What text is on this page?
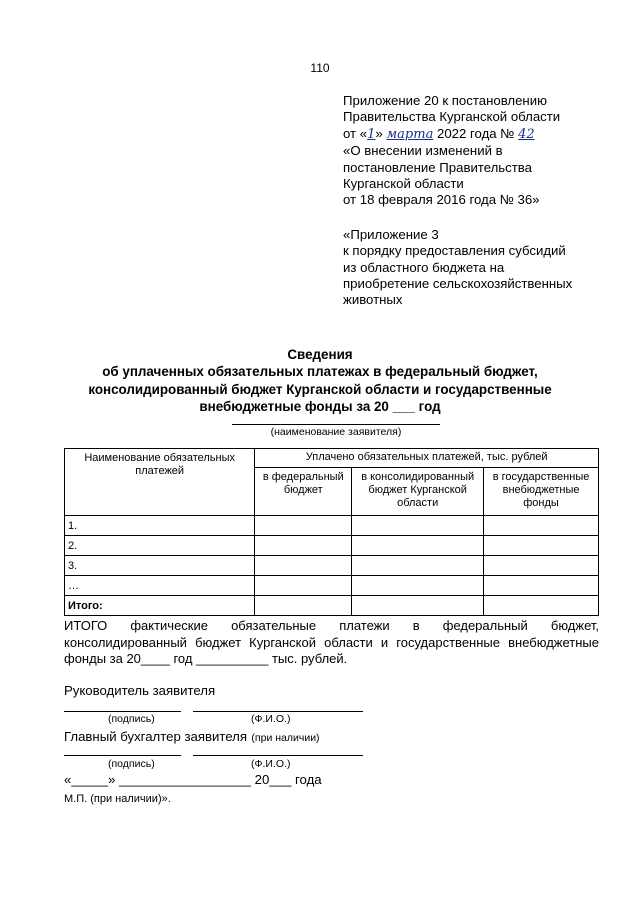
110
Приложение 20 к постановлению
Правительства Курганской области
от «1» марта 2022 года № 42
«О внесении изменений в
постановление Правительства
Курганской области
от 18 февраля 2016 года № 36»
«Приложение 3
к порядку предоставления субсидий
из областного бюджета на
приобретение сельскохозяйственных
животных
Сведения
об уплаченных обязательных платежах в федеральный бюджет,
консолидированный бюджет Курганской области и государственные
внебюджетные фонды за 20 ___ год
(наименование заявителя)
Наименование обязательных платежей	Уплачено обязательных платежей, тыс. рублей		
	в федеральный бюджет	в консолидированный бюджет Курганской области	в государственные внебюджетные фонды
1.			
2.			
3.			
…			
Итого:			
ИТОГО фактические обязательные платежи в федеральный бюджет, консолидированный бюджет Курганской области и государственные внебюджетные фонды за 20____ год __________ тыс. рублей.
Руководитель заявителя
(подпись)	(Ф.И.О.)
Главный бухгалтер заявителя (при наличии)
(подпись)	(Ф.И.О.)
«_____» __________________ 20___ года
М.П. (при наличии)».
